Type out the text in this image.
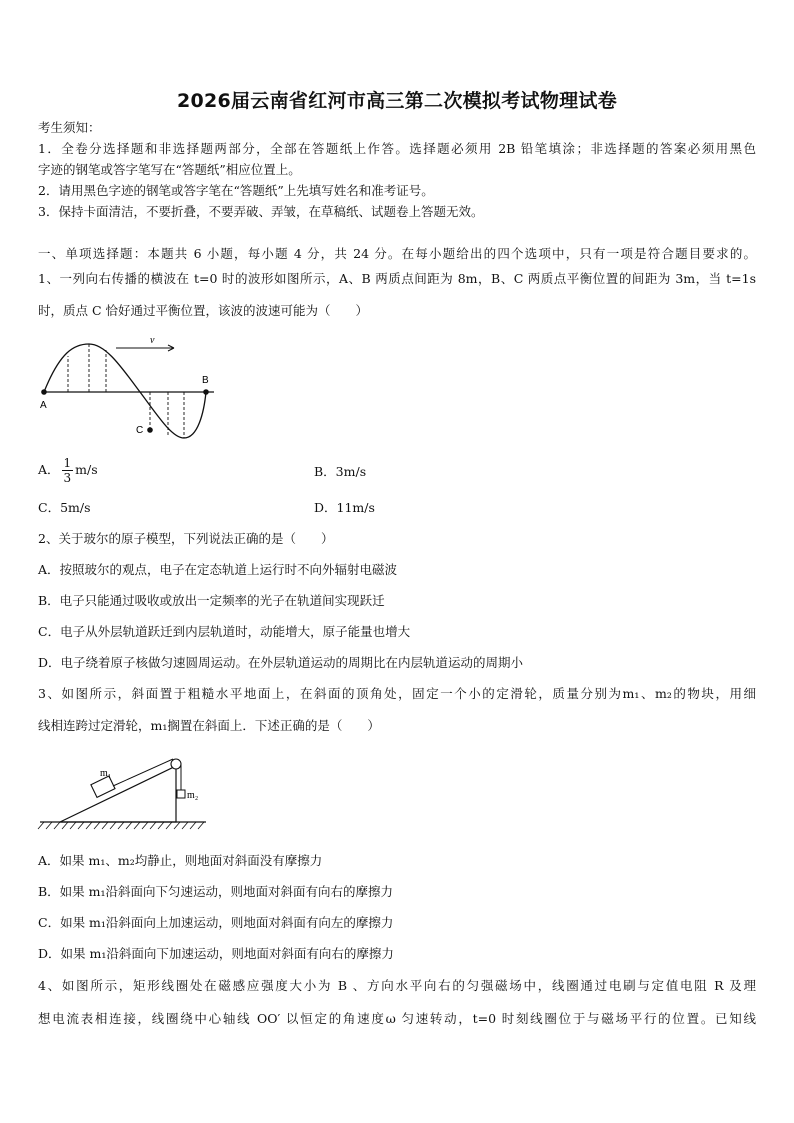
2026届云南省红河市高三第二次模拟考试物理试卷
考生须知：
1．全卷分选择题和非选择题两部分，全部在答题纸上作答。选择题必须用 2B 铅笔填涂；非选择题的答案必须用黑色
字迹的钢笔或答字笔写在“答题纸”相应位置上。
2．请用黑色字迹的钢笔或答字笔在“答题纸”上先填写姓名和准考证号。
3．保持卡面清洁，不要折叠，不要弄破、弄皱，在草稿纸、试题卷上答题无效。
一、单项选择题：本题共 6 小题，每小题 4 分，共 24 分。在每小题给出的四个选项中，只有一项是符合题目要求的。
1、一列向右传播的横波在 t=0 时的波形如图所示，A、B 两质点间距为 8m，B、C 两质点平衡位置的间距为 3m，当 t=1s
时，质点 C 恰好通过平衡位置，该波的波速可能为（　　）
v
A
B
C
A． $\frac{1}{3} m/s$	B．3m/s
C．5m/s	D．11m/s
2、关于玻尔的原子模型，下列说法正确的是（　　）
A．按照玻尔的观点，电子在定态轨道上运行时不向外辐射电磁波
B．电子只能通过吸收或放出一定频率的光子在轨道间实现跃迁
C．电子从外层轨道跃迁到内层轨道时，动能增大，原子能量也增大
D．电子绕着原子核做匀速圆周运动。在外层轨道运动的周期比在内层轨道运动的周期小
3、如图所示，斜面置于粗糙水平地面上，在斜面的顶角处，固定一个小的定滑轮，质量分别为m₁、m₂的物块，用细
线相连跨过定滑轮，m₁搁置在斜面上．下述正确的是（　　）
m₁
m₂
A．如果 m₁、m₂均静止，则地面对斜面没有摩擦力
B．如果 m₁沿斜面向下匀速运动，则地面对斜面有向右的摩擦力
C．如果 m₁沿斜面向上加速运动，则地面对斜面有向左的摩擦力
D．如果 m₁沿斜面向下加速运动，则地面对斜面有向右的摩擦力
4、如图所示，矩形线圈处在磁感应强度大小为 B 、方向水平向右的匀强磁场中，线圈通过电刷与定值电阻 R 及理
想电流表相连接，线圈绕中心轴线 OO′ 以恒定的角速度ω 匀速转动，t=0 时刻线圈位于与磁场平行的位置。已知线
